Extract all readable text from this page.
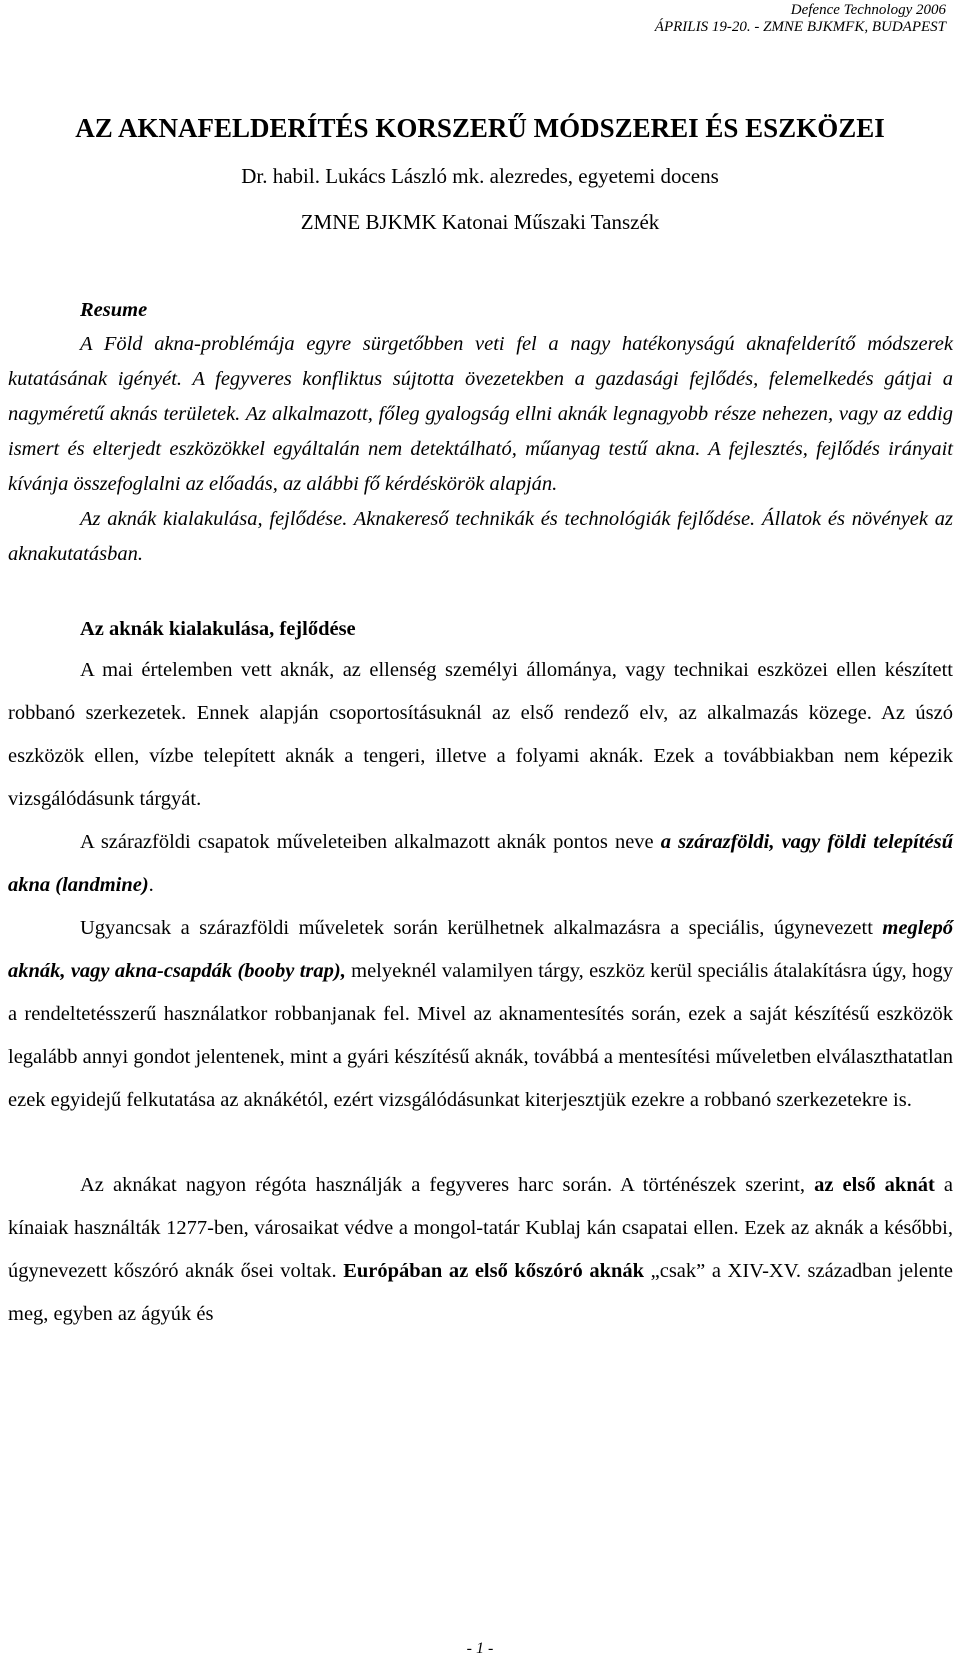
Defence Technology 2006
ÁPRILIS 19-20. - ZMNE BJKMFK, BUDAPEST
AZ AKNAFELDERÍTÉS KORSZERŰ MÓDSZEREI ÉS ESZKÖZEI
Dr. habil. Lukács László mk. alezredes, egyetemi docens
ZMNE BJKMK Katonai Műszaki Tanszék
Resume

A Föld akna-problémája egyre sürgetőbben veti fel a nagy hatékonyságú aknafelderítő módszerek kutatásának igényét. A fegyveres konfliktus sújtotta övezetekben a gazdasági fejlődés, felemelkedés gátjai a nagyméretű aknás területek. Az alkalmazott, főleg gyalogság ellni aknák legnagyobb része nehezen, vagy az eddig ismert és elterjedt eszközökkel egyáltalán nem detektálható, műanyag testű akna. A fejlesztés, fejlődés irányait kívánja összefoglalni az előadás, az alábbi fő kérdéskörök alapján.

Az aknák kialakulása, fejlődése. Aknakereső technikák és technológiák fejlődése. Állatok és növények az aknakutatásban.

Az aknák kialakulása, fejlődése

A mai értelemben vett aknák, az ellenség személyi állománya, vagy technikai eszközei ellen készített robbanó szerkezetek. Ennek alapján csoportosításuknál az első rendező elv, az alkalmazás közege. Az úszó eszközök ellen, vízbe telepített aknák a tengeri, illetve a folyami aknák. Ezek a továbbiakban nem képezik vizsgálódásunk tárgyát.

A szárazföldi csapatok műveleteiben alkalmazott aknák pontos neve a szárazföldi, vagy földi telepítésű akna (landmine).

Ugyancsak a szárazföldi műveletek során kerülhetnek alkalmazásra a speciális, úgynevezett meglepő aknák, vagy akna-csapdák (booby trap), melyeknél valamilyen tárgy, eszköz kerül speciális átalakításra úgy, hogy a rendeltetésszerű használatkor robbanjanak fel. Mivel az aknamentesítés során, ezek a saját készítésű eszközök legalább annyi gondot jelentenek, mint a gyári készítésű aknák, továbbá a mentesítési műveletben elválaszthatatlan ezek egyidejű felkutatása az aknákétól, ezért vizsgálódásunkat kiterjesztjük ezekre a robbanó szerkezetekre is.

Az aknákat nagyon régóta használják a fegyveres harc során. A történészek szerint, az első aknát a kínaiak használták 1277-ben, városaikat védve a mongol-tatár Kublaj kán csapatai ellen. Ezek az aknák a későbbi, úgynevezett kőszóró aknák ősei voltak. Európában az első kőszóró aknák „csak” a XIV-XV. században jelente meg, egyben az ágyúk és

- 1 -
